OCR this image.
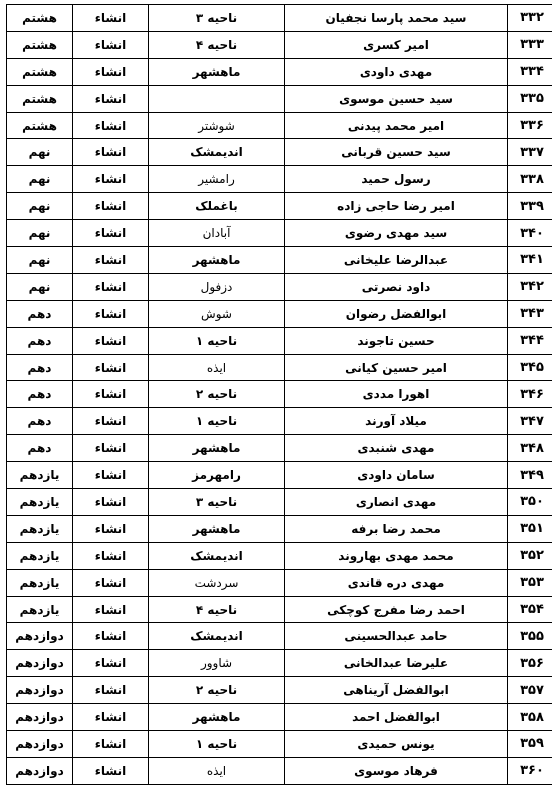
۳۳۲	سید محمد پارسا نجفیان	ناحیه ۳	انشاء	هشتم
۳۳۳	امیر کسری	ناحیه ۴	انشاء	هشتم
۳۳۴	مهدی داودی	ماهشهر	انشاء	هشتم
۳۳۵	سید حسین موسوی		انشاء	هشتم
۳۳۶	امیر محمد پیدنی	شوشتر	انشاء	هشتم
۳۳۷	سید حسین قربانی	اندیمشک	انشاء	نهم
۳۳۸	رسول حمید	رامشیر	انشاء	نهم
۳۳۹	امیر رضا حاجی زاده	باغملک	انشاء	نهم
۳۴۰	سید مهدی رضوی	آبادان	انشاء	نهم
۳۴۱	عبدالرضا علیخانی	ماهشهر	انشاء	نهم
۳۴۲	داود نصرتی	دزفول	انشاء	نهم
۳۴۳	ابوالفضل رضوان	شوش	انشاء	دهم
۳۴۴	حسین تاجوند	ناحیه ۱	انشاء	دهم
۳۴۵	امیر حسین کیانی	ایذه	انشاء	دهم
۳۴۶	اهورا مددی	ناحیه ۲	انشاء	دهم
۳۴۷	میلاد آورند	ناحیه ۱	انشاء	دهم
۳۴۸	مهدی شنبدی	ماهشهر	انشاء	دهم
۳۴۹	سامان داودی	رامهرمز	انشاء	یازدهم
۳۵۰	مهدی انصاری	ناحیه ۳	انشاء	یازدهم
۳۵۱	محمد رضا برفه	ماهشهر	انشاء	یازدهم
۳۵۲	محمد مهدی بهاروند	اندیمشک	انشاء	یازدهم
۳۵۳	مهدی دره قاندی	سردشت	انشاء	یازدهم
۳۵۴	احمد رضا مفرج کوچکی	ناحیه ۴	انشاء	یازدهم
۳۵۵	حامد عبدالحسینی	اندیمشک	انشاء	دوازدهم
۳۵۶	علیرضا عبدالخانی	شاوور	انشاء	دوازدهم
۳۵۷	ابوالفضل آریناهی	ناحیه ۲	انشاء	دوازدهم
۳۵۸	ابوالفضل احمد	ماهشهر	انشاء	دوازدهم
۳۵۹	یونس حمیدی	ناحیه ۱	انشاء	دوازدهم
۳۶۰	فرهاد موسوی	ایذه	انشاء	دوازدهم
